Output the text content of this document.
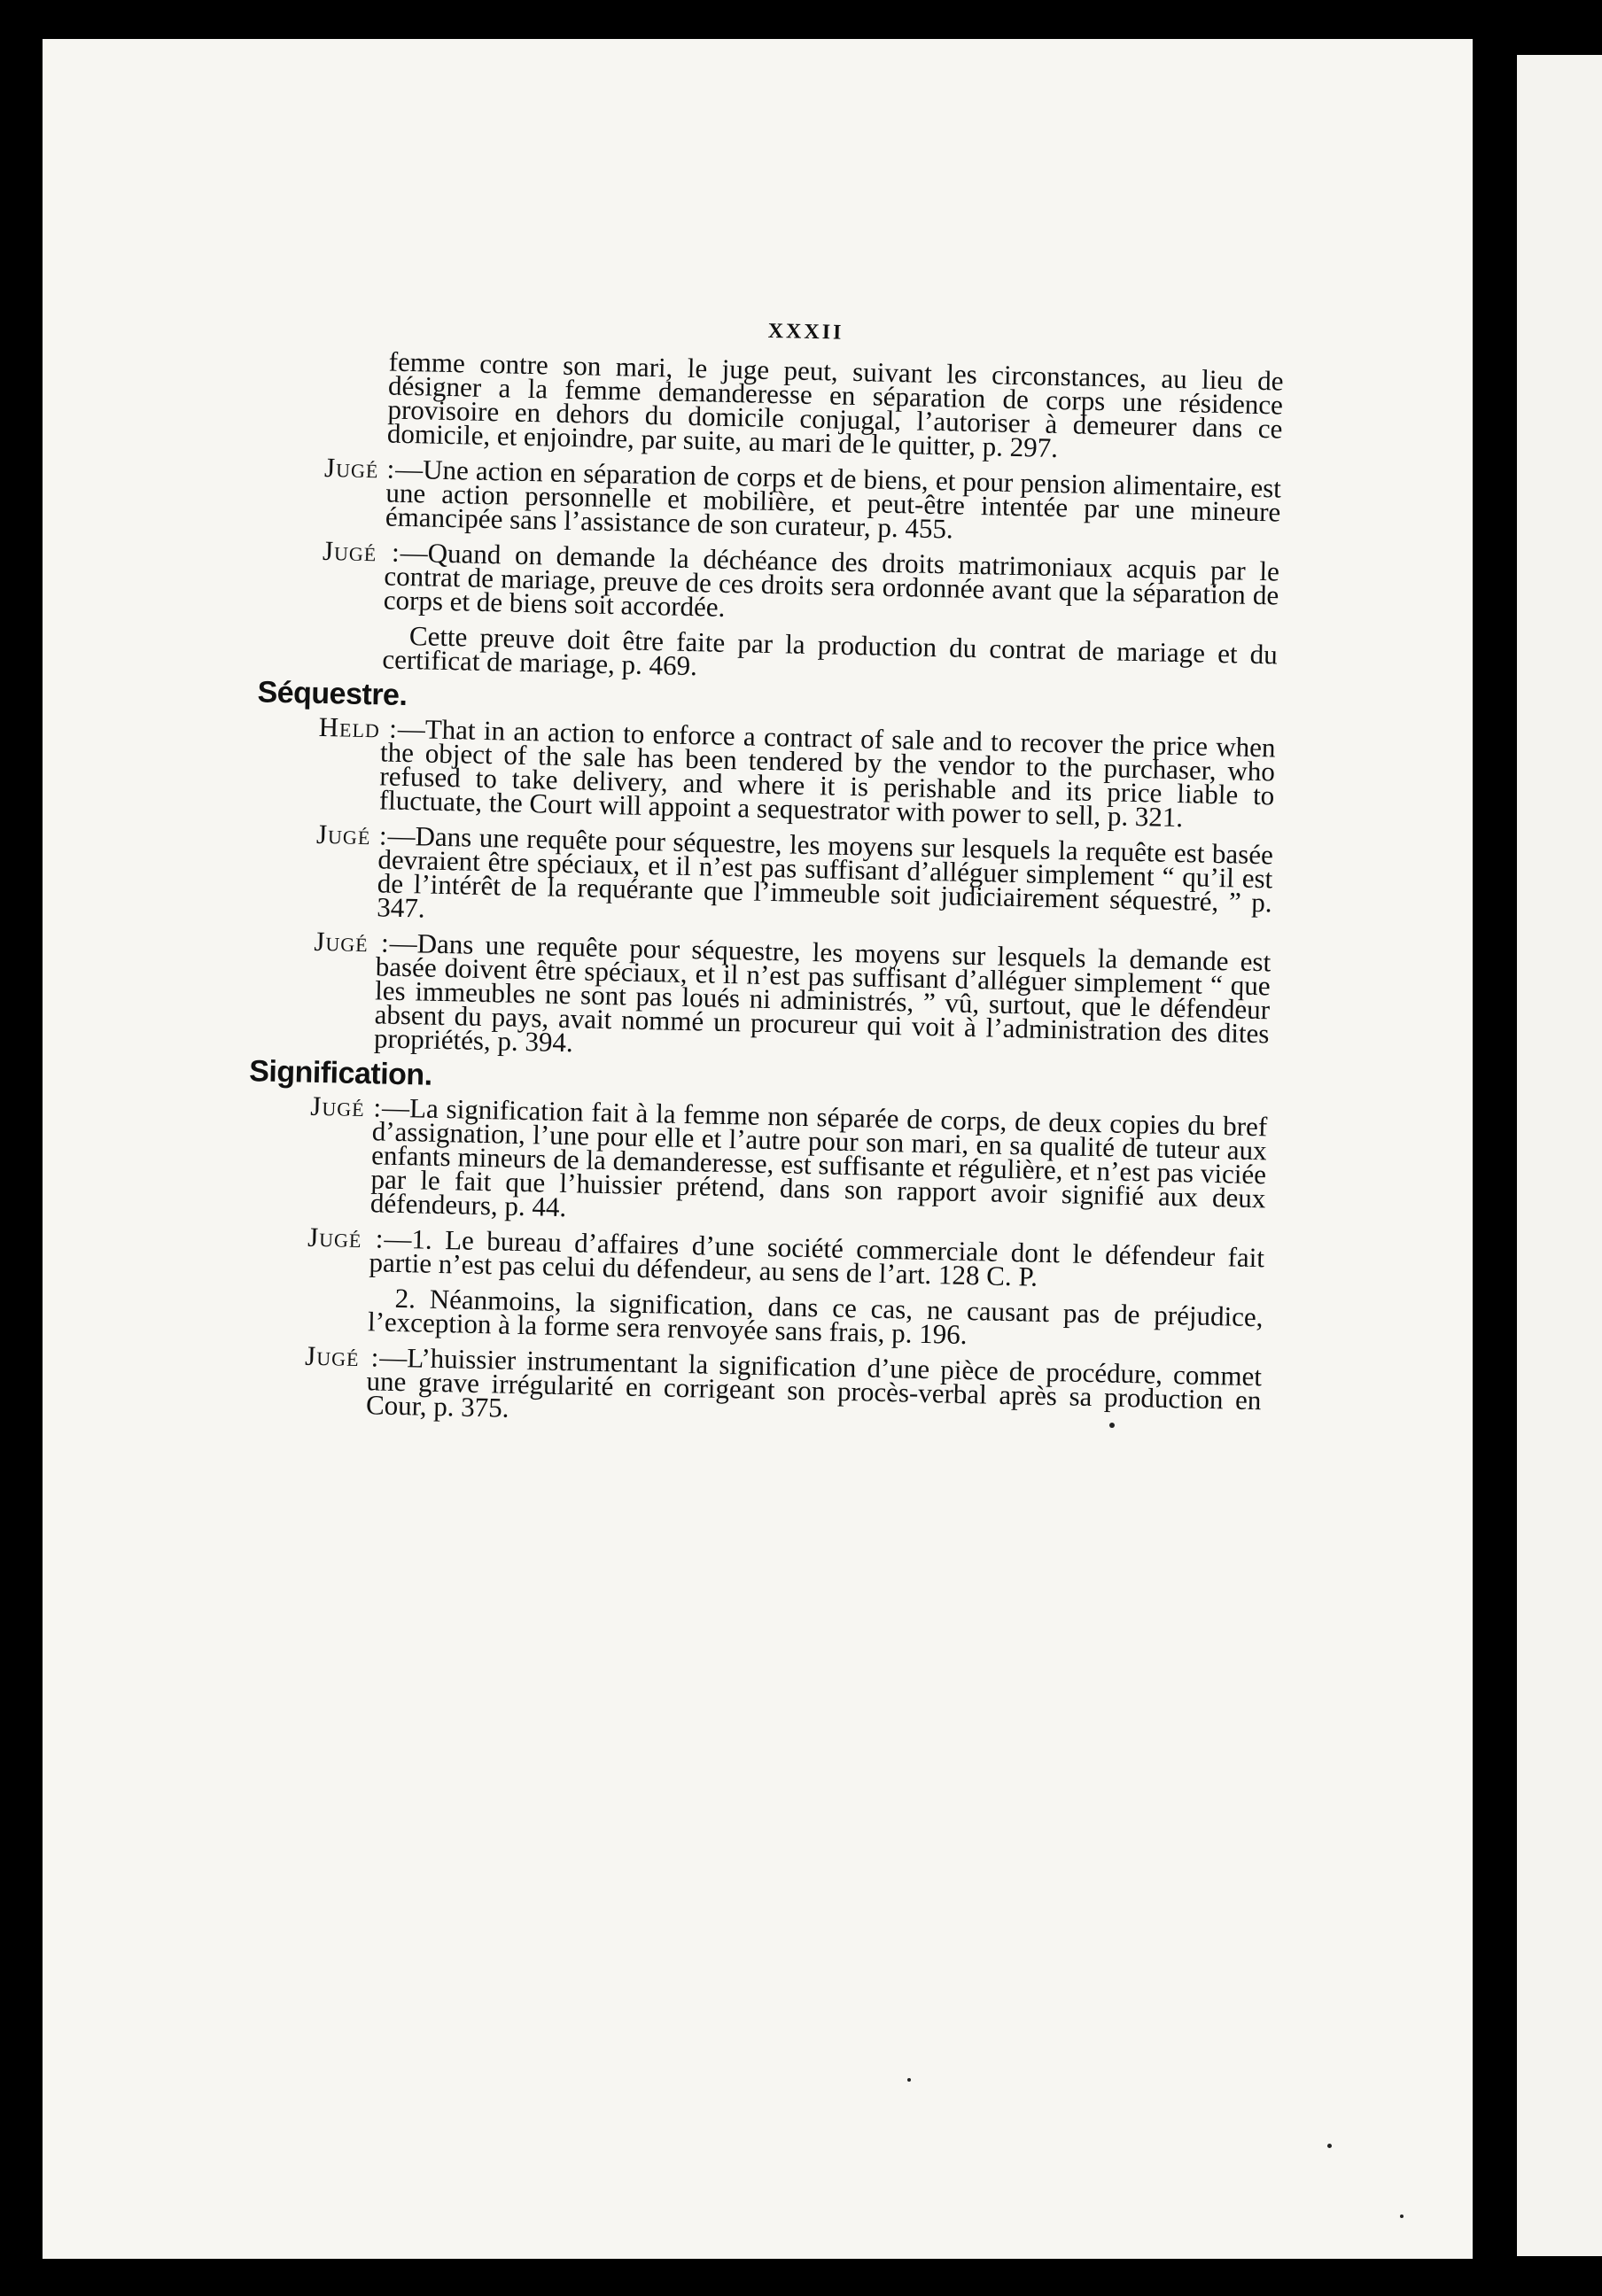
XXXII
femme contre son mari, le juge peut, suivant les circonstances, au lieu de désigner a la femme demanderesse en séparation de corps une résidence provisoire en dehors du domicile conjugal, l’autoriser à demeurer dans ce domicile, et enjoindre, par suite, au mari de le quitter, p. 297.
Jugé :—Une action en séparation de corps et de biens, et pour pension alimentaire, est une action personnelle et mobilière, et peut-être intentée par une mineure émancipée sans l’assistance de son curateur, p. 455.
Jugé :—Quand on demande la déchéance des droits matrimoniaux acquis par le contrat de mariage, preuve de ces droits sera ordonnée avant que la séparation de corps et de biens soit accordée.
Cette preuve doit être faite par la production du contrat de mariage et du certificat de mariage, p. 469.
Séquestre.
Held :—That in an action to enforce a contract of sale and to recover the price when the object of the sale has been tendered by the vendor to the purchaser, who refused to take delivery, and where it is perishable and its price liable to fluctuate, the Court will appoint a sequestrator with power to sell, p. 321.
Jugé :—Dans une requête pour séquestre, les moyens sur lesquels la requête est basée devraient être spéciaux, et il n’est pas suffisant d’alléguer simplement “ qu’il est de l’intérêt de la requérante que l’immeuble soit judiciairement séquestré, ” p. 347.
Jugé :—Dans une requête pour séquestre, les moyens sur lesquels la demande est basée doivent être spéciaux, et il n’est pas suffisant d’alléguer simplement “ que les immeubles ne sont pas loués ni administrés, ” vû, surtout, que le défendeur absent du pays, avait nommé un procureur qui voit à l’administration des dites propriétés, p. 394.
Signification.
Jugé :—La signification fait à la femme non séparée de corps, de deux copies du bref d’assignation, l’une pour elle et l’autre pour son mari, en sa qualité de tuteur aux enfants mineurs de la demanderesse, est suffisante et régulière, et n’est pas viciée par le fait que l’huissier prétend, dans son rapport avoir signifié aux deux défendeurs, p. 44.
Jugé :—1. Le bureau d’affaires d’une société commerciale dont le défendeur fait partie n’est pas celui du défendeur, au sens de l’art. 128 C. P.
2. Néanmoins, la signification, dans ce cas, ne causant pas de préjudice, l’exception à la forme sera renvoyée sans frais, p. 196.
Jugé :—L’huissier instrumentant la signification d’une pièce de procédure, commet une grave irrégularité en corrigeant son procès-verbal après sa production en Cour, p. 375.
